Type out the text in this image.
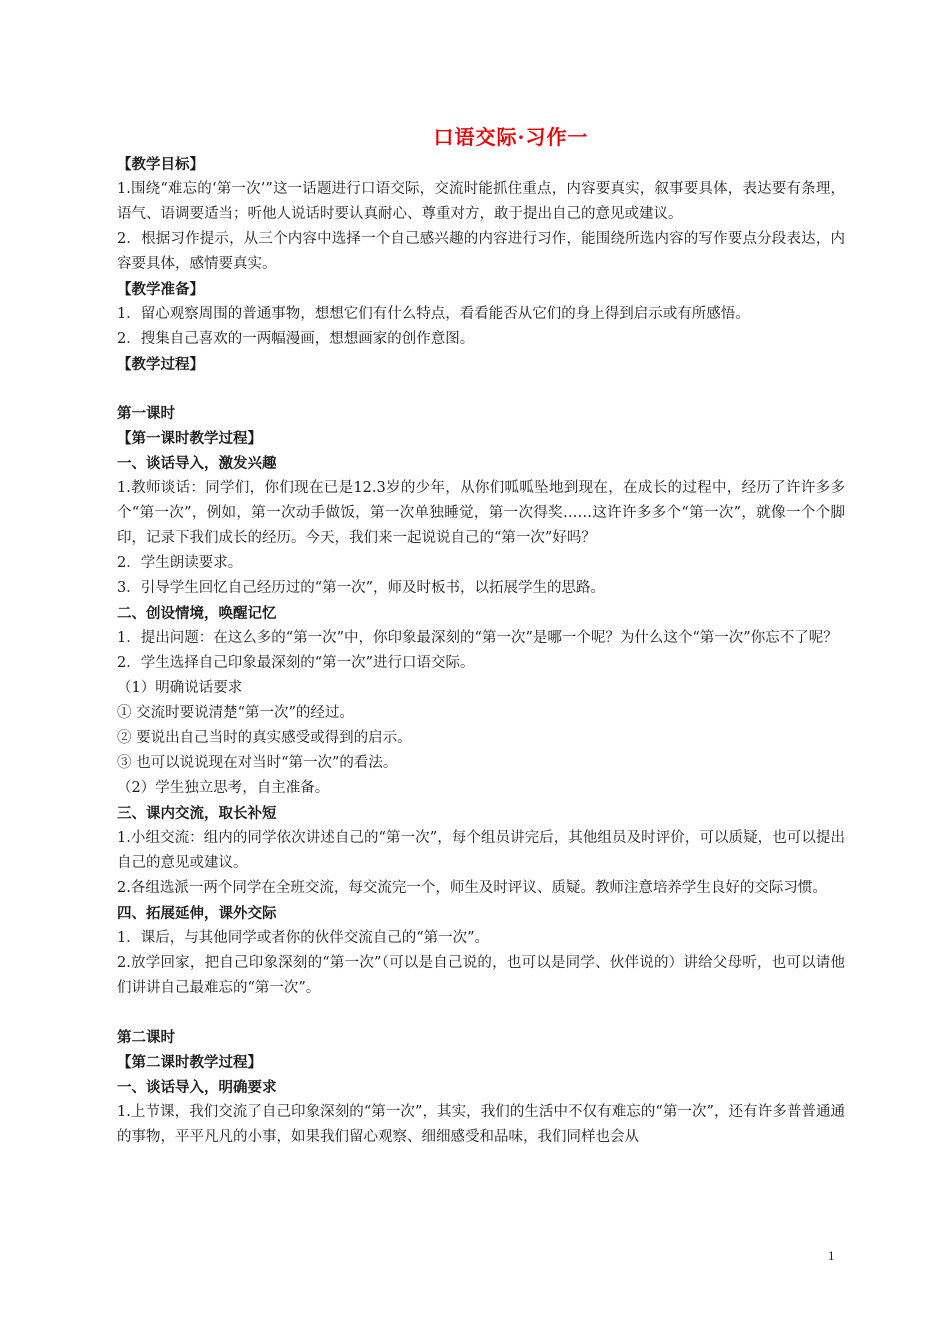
口语交际·习作一
【教学目标】
1.围绕“难忘的‘第一次’”这一话题进行口语交际，交流时能抓住重点，内容要真实，叙事要具体，表达要有条理，语气、语调要适当；听他人说话时要认真耐心、尊重对方，敢于提出自己的意见或建议。
2．根据习作提示，从三个内容中选择一个自己感兴趣的内容进行习作，能围绕所选内容的写作要点分段表达，内容要具体，感情要真实。
【教学准备】
1．留心观察周围的普通事物，想想它们有什么特点，看看能否从它们的身上得到启示或有所感悟。
2．搜集自己喜欢的一两幅漫画，想想画家的创作意图。
【教学过程】
第一课时
【第一课时教学过程】
一、谈话导入，激发兴趣
1.教师谈话：同学们，你们现在已是12.3岁的少年，从你们呱呱坠地到现在，在成长的过程中，经历了许许多多个“第一次”，例如，第一次动手做饭，第一次单独睡觉，第一次得奖……这许许多多个“第一次”，就像一个个脚印，记录下我们成长的经历。今天，我们来一起说说自己的“第一次”好吗？
2．学生朗读要求。
3．引导学生回忆自己经历过的“第一次”，师及时板书，以拓展学生的思路。
二、创设情境，唤醒记忆
1．提出问题：在这么多的“第一次”中，你印象最深刻的“第一次”是哪一个呢？为什么这个“第一次”你忘不了呢？
2．学生选择自己印象最深刻的“第一次”进行口语交际。
（1）明确说话要求
① 交流时要说清楚“第一次”的经过。
② 要说出自己当时的真实感受或得到的启示。
③ 也可以说说现在对当时“第一次”的看法。
（2）学生独立思考，自主准备。
三、课内交流，取长补短
1.小组交流：组内的同学依次讲述自己的“第一次”，每个组员讲完后，其他组员及时评价，可以质疑，也可以提出自己的意见或建议。
2.各组选派一两个同学在全班交流，每交流完一个，师生及时评议、质疑。教师注意培养学生良好的交际习惯。
四、拓展延伸，课外交际
1．课后，与其他同学或者你的伙伴交流自己的“第一次”。
2.放学回家，把自己印象深刻的“第一次”（可以是自己说的，也可以是同学、伙伴说的）讲给父母听，也可以请他们讲讲自己最难忘的“第一次”。
第二课时
【第二课时教学过程】
一、谈话导入，明确要求
1.上节课，我们交流了自己印象深刻的“第一次”，其实，我们的生活中不仅有难忘的“第一次”，还有许多普普通通的事物，平平凡凡的小事，如果我们留心观察、细细感受和品味，我们同样也会从
1
